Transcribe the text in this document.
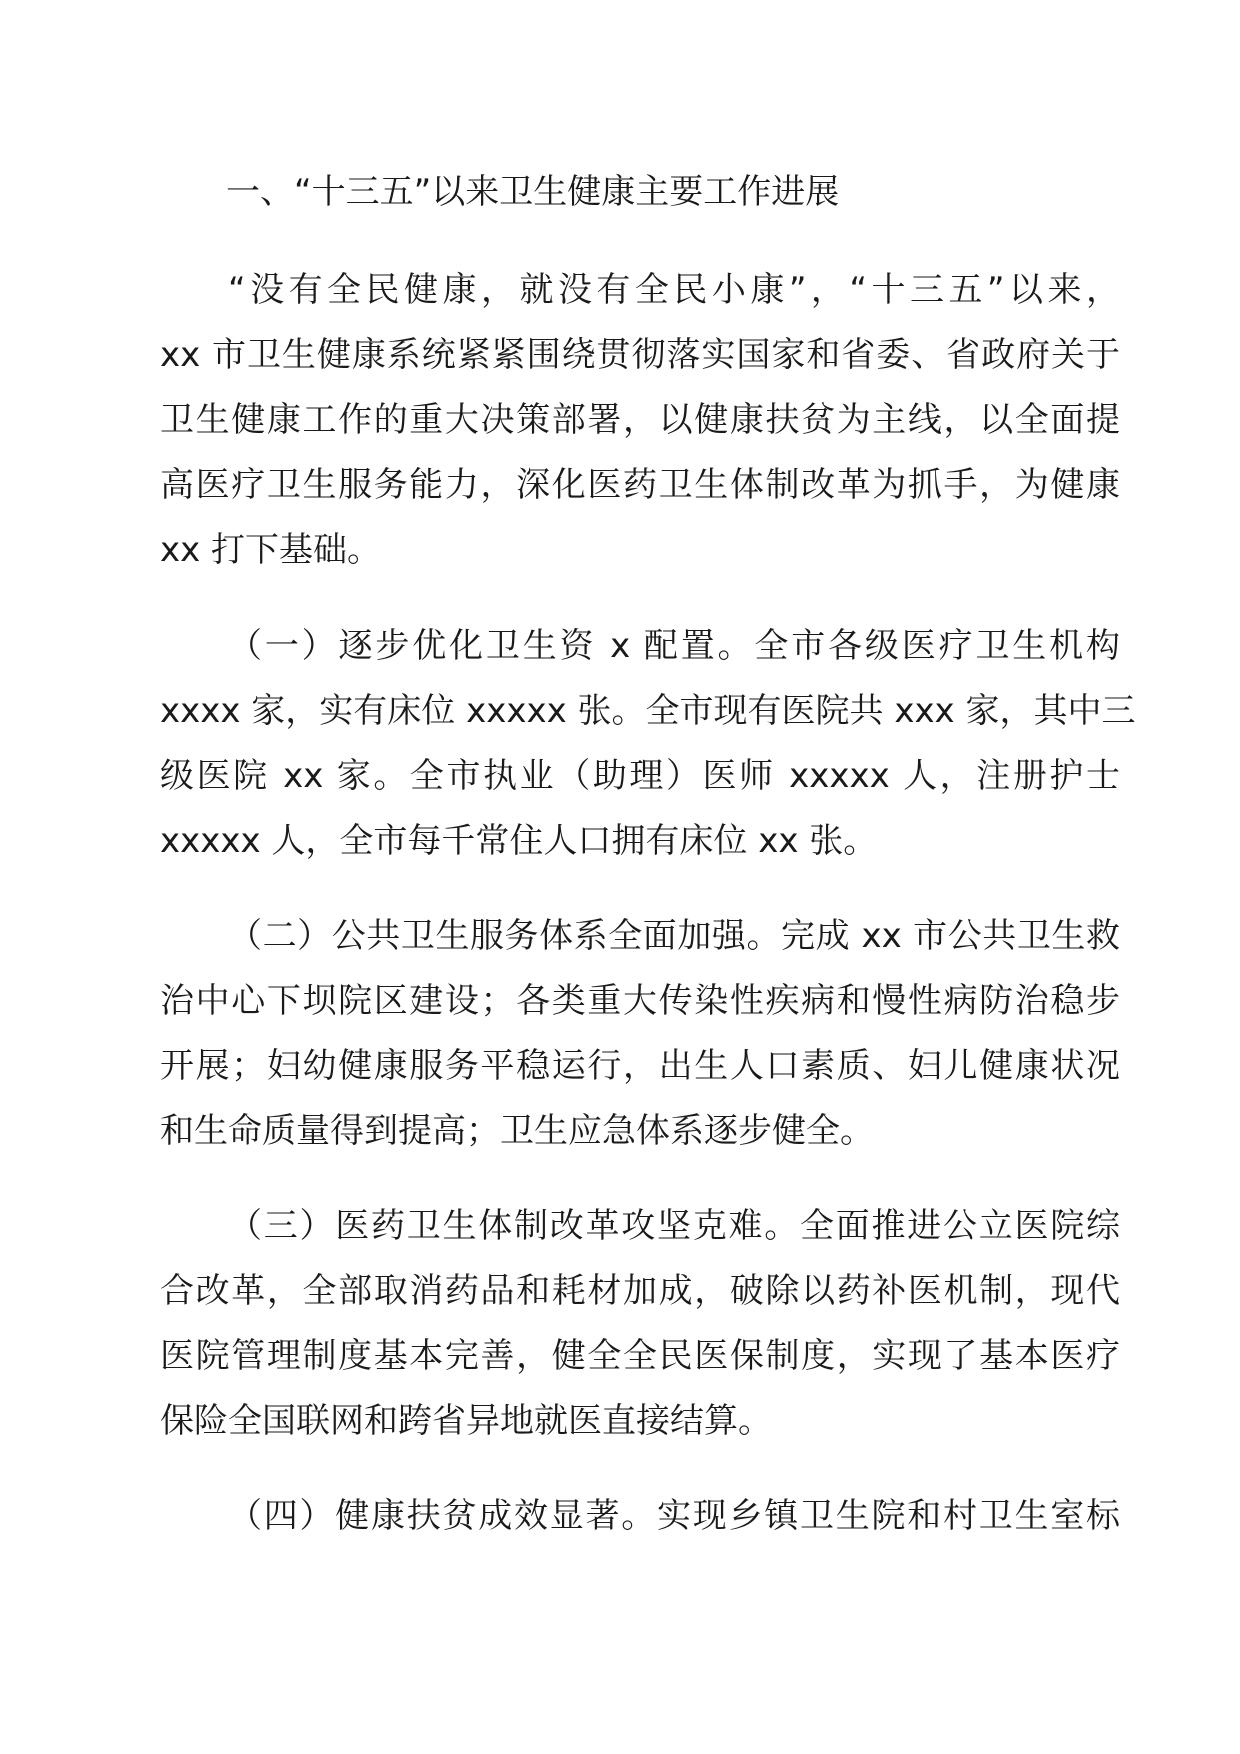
一、“十三五”以来卫生健康主要工作进展
“没有全民健康，就没有全民小康”，“十三五”以来，
xx 市卫生健康系统紧紧围绕贯彻落实国家和省委、省政府关于
卫生健康工作的重大决策部署，以健康扶贫为主线，以全面提
高医疗卫生服务能力，深化医药卫生体制改革为抓手，为健康
xx 打下基础。
（一）逐步优化卫生资 x 配置。全市各级医疗卫生机构
xxxx 家，实有床位 xxxxx 张。全市现有医院共 xxx 家，其中三
级医院 xx 家。全市执业（助理）医师 xxxxx 人，注册护士
xxxxx 人，全市每千常住人口拥有床位 xx 张。
（二）公共卫生服务体系全面加强。完成 xx 市公共卫生救
治中心下坝院区建设；各类重大传染性疾病和慢性病防治稳步
开展；妇幼健康服务平稳运行，出生人口素质、妇儿健康状况
和生命质量得到提高；卫生应急体系逐步健全。
（三）医药卫生体制改革攻坚克难。全面推进公立医院综
合改革，全部取消药品和耗材加成，破除以药补医机制，现代
医院管理制度基本完善，健全全民医保制度，实现了基本医疗
保险全国联网和跨省异地就医直接结算。
（四）健康扶贫成效显著。实现乡镇卫生院和村卫生室标
